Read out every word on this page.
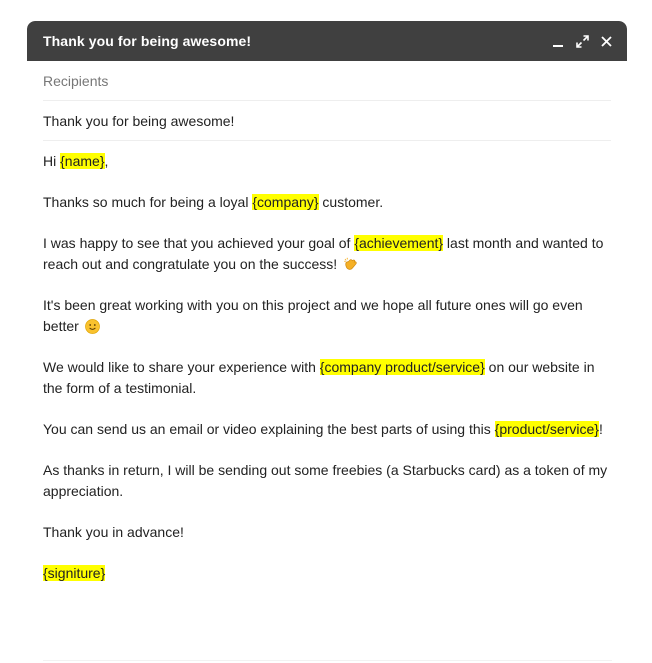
Thank you for being awesome!
Recipients
Thank you for being awesome!

Hi {name},

Thanks so much for being a loyal {company} customer.

I was happy to see that you achieved your goal of {achievement} last month and wanted to reach out and congratulate you on the success!

It's been great working with you on this project and we hope all future ones will go even better

We would like to share your experience with {company product/service} on our website in the form of a testimonial.

You can send us an email or video explaining the best parts of using this {product/service}!

As thanks in return, I will be sending out some freebies (a Starbucks card) as a token of my appreciation.

Thank you in advance!

{signiture}
